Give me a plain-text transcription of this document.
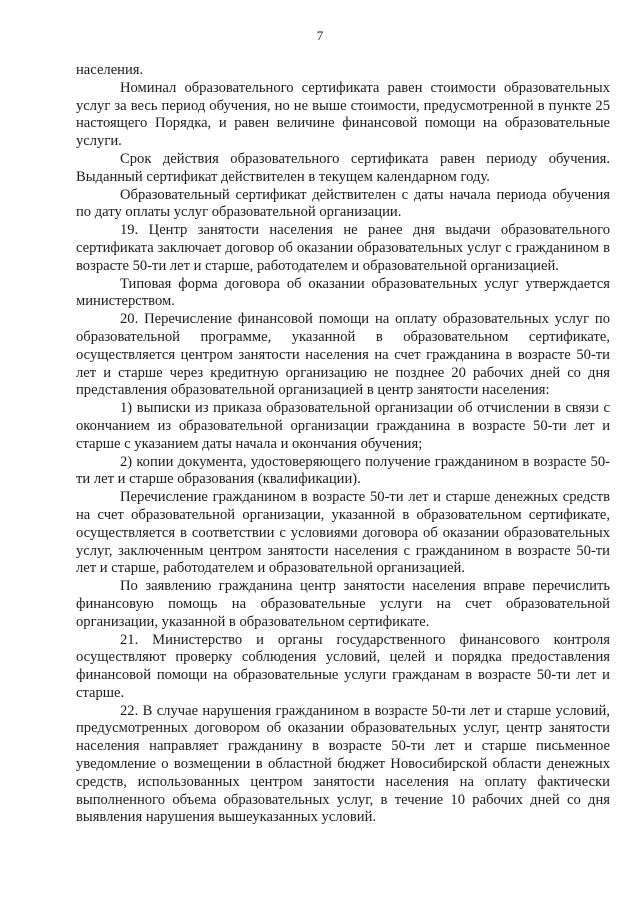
7

населения.

Номинал образовательного сертификата равен стоимости образовательных услуг за весь период обучения, но не выше стоимости, предусмотренной в пункте 25 настоящего Порядка, и равен величине финансовой помощи на образовательные услуги.

Срок действия образовательного сертификата равен периоду обучения. Выданный сертификат действителен в текущем календарном году.

Образовательный сертификат действителен с даты начала периода обучения по дату оплаты услуг образовательной организации.

19. Центр занятости населения не ранее дня выдачи образовательного сертификата заключает договор об оказании образовательных услуг с гражданином в возрасте 50-ти лет и старше, работодателем и образовательной организацией.

Типовая форма договора об оказании образовательных услуг утверждается министерством.

20. Перечисление финансовой помощи на оплату образовательных услуг по образовательной программе, указанной в образовательном сертификате, осуществляется центром занятости населения на счет гражданина в возрасте 50-ти лет и старше через кредитную организацию не позднее 20 рабочих дней со дня представления образовательной организацией в центр занятости населения:

1) выписки из приказа образовательной организации об отчислении в связи с окончанием из образовательной организации гражданина в возрасте 50-ти лет и старше с указанием даты начала и окончания обучения;

2) копии документа, удостоверяющего получение гражданином в возрасте 50-ти лет и старше образования (квалификации).

Перечисление гражданином в возрасте 50-ти лет и старше денежных средств на счет образовательной организации, указанной в образовательном сертификате, осуществляется в соответствии с условиями договора об оказании образовательных услуг, заключенным центром занятости населения с гражданином в возрасте 50-ти лет и старше, работодателем и образовательной организацией.

По заявлению гражданина центр занятости населения вправе перечислить финансовую помощь на образовательные услуги на счет образовательной организации, указанной в образовательном сертификате.

21. Министерство и органы государственного финансового контроля осуществляют проверку соблюдения условий, целей и порядка предоставления финансовой помощи на образовательные услуги гражданам в возрасте 50-ти лет и старше.

22. В случае нарушения гражданином в возрасте 50-ти лет и старше условий, предусмотренных договором об оказании образовательных услуг, центр занятости населения направляет гражданину в возрасте 50-ти лет и старше письменное уведомление о возмещении в областной бюджет Новосибирской области денежных средств, использованных центром занятости населения на оплату фактически выполненного объема образовательных услуг, в течение 10 рабочих дней со дня выявления нарушения вышеуказанных условий.
